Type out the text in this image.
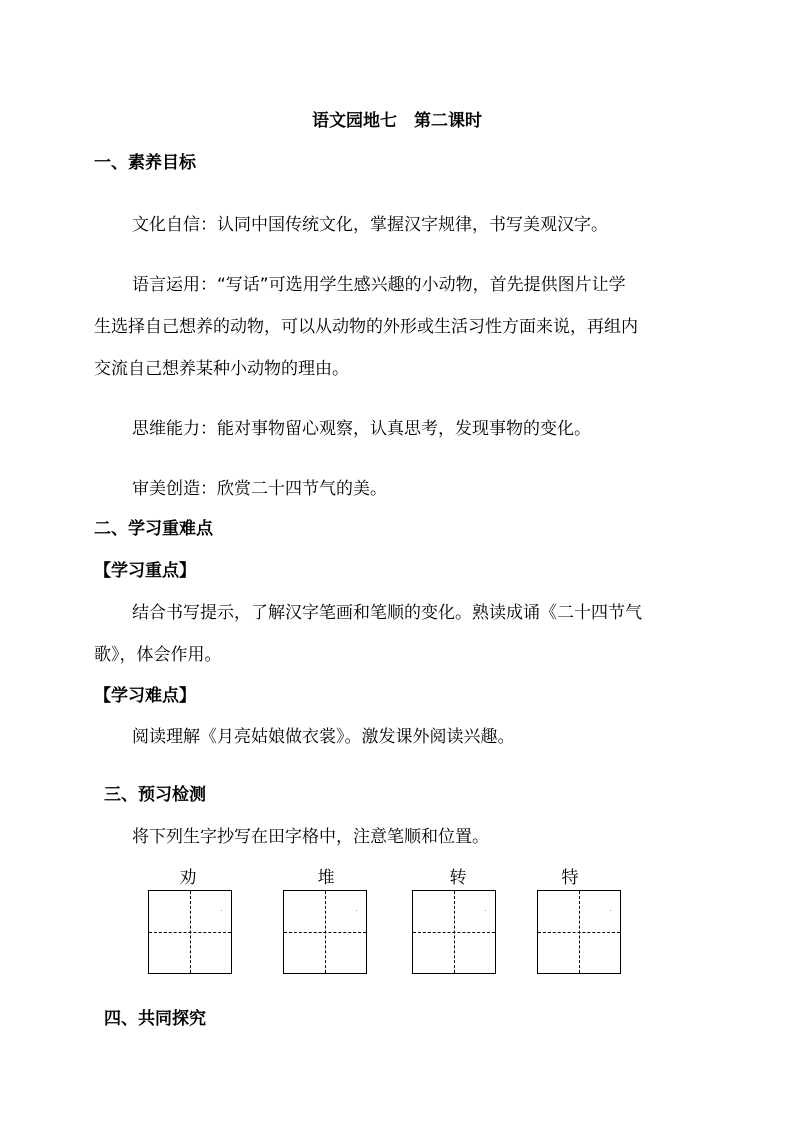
语文园地七　第二课时
一、素养目标
文化自信：认同中国传统文化，掌握汉字规律，书写美观汉字。
语言运用：“写话”可选用学生感兴趣的小动物，首先提供图片让学
生选择自己想养的动物，可以从动物的外形或生活习性方面来说，再组内
交流自己想养某种小动物的理由。
思维能力：能对事物留心观察，认真思考，发现事物的变化。
审美创造：欣赏二十四节气的美。
二、学习重难点
【学习重点】
结合书写提示，了解汉字笔画和笔顺的变化。熟读成诵《二十四节气
歌》，体会作用。
【学习难点】
阅读理解《月亮姑娘做衣裳》。激发课外阅读兴趣。
三、预习检测
将下列生字抄写在田字格中，注意笔顺和位置。
劝	堆	转	特
四、共同探究
